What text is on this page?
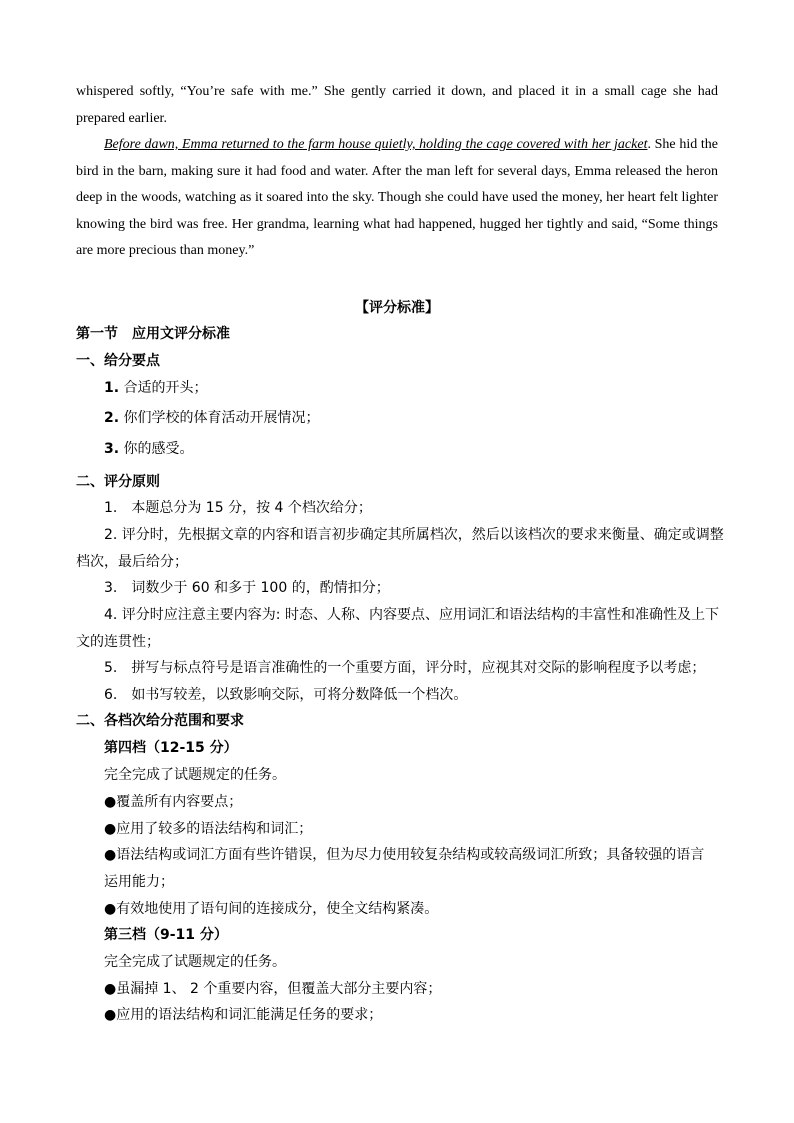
whispered softly, “You’re safe with me.” She gently carried it down, and placed it in a small cage she had prepared earlier.
Before dawn, Emma returned to the farm house quietly, holding the cage covered with her jacket. She hid the bird in the barn, making sure it had food and water. After the man left for several days, Emma released the heron deep in the woods, watching as it soared into the sky. Though she could have used the money, her heart felt lighter knowing the bird was free. Her grandma, learning what had happened, hugged her tightly and said, “Some things are more precious than money.”
【评分标准】
第一节　应用文评分标准
一、给分要点
1. 合适的开头；
2. 你们学校的体育活动开展情况；
3. 你的感受。
二、评分原则
1.　本题总分为 15 分，按 4 个档次给分；
2. 评分时，先根据文章的内容和语言初步确定其所属档次，然后以该档次的要求来衡量、确定或调整
档次，最后给分；
3.　词数少于 60 和多于 100 的，酌情扣分；
4. 评分时应注意主要内容为: 时态、人称、内容要点、应用词汇和语法结构的丰富性和准确性及上下
文的连贯性；
5.　拼写与标点符号是语言准确性的一个重要方面，评分时，应视其对交际的影响程度予以考虑；
6.　如书写较差，以致影响交际，可将分数降低一个档次。
二、各档次给分范围和要求
第四档（12-15 分）
完全完成了试题规定的任务。
●覆盖所有内容要点；
●应用了较多的语法结构和词汇；
●语法结构或词汇方面有些许错误，但为尽力使用较复杂结构或较高级词汇所致；具备较强的语言
运用能力；
●有效地使用了语句间的连接成分，使全文结构紧凑。
第三档（9-11 分）
完全完成了试题规定的任务。
●虽漏掉 1、 2 个重要内容，但覆盖大部分主要内容；
●应用的语法结构和词汇能满足任务的要求；
